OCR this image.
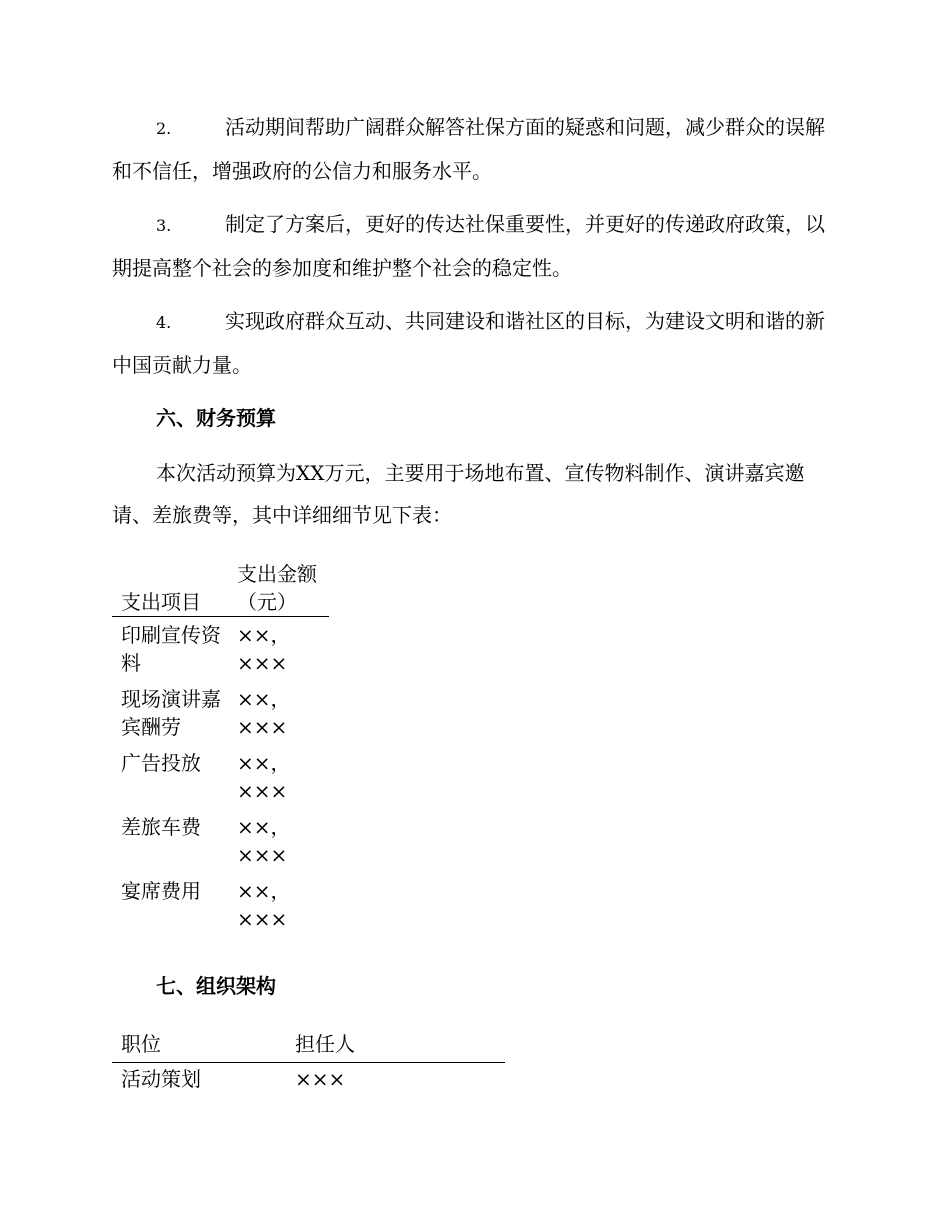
2.	活动期间帮助广阔群众解答社保方面的疑惑和问题，减少群众的误解和不信任，增强政府的公信力和服务水平。

3.	制定了方案后，更好的传达社保重要性，并更好的传递政府政策，以期提高整个社会的参加度和维护整个社会的稳定性。

4.	实现政府群众互动、共同建设和谐社区的目标，为建设文明和谐的新中国贡献力量。

六、财务预算

本次活动预算为XX万元，主要用于场地布置、宣传物料制作、演讲嘉宾邀请、差旅费等，其中详细细节见下表：

支出项目	支出金额（元）
印刷宣传资料	××，×××
现场演讲嘉宾酬劳	××，×××
广告投放	××，×××
差旅车费	××，×××
宴席费用	××，×××
七、组织架构
职位	担任人
活动策划	×××
